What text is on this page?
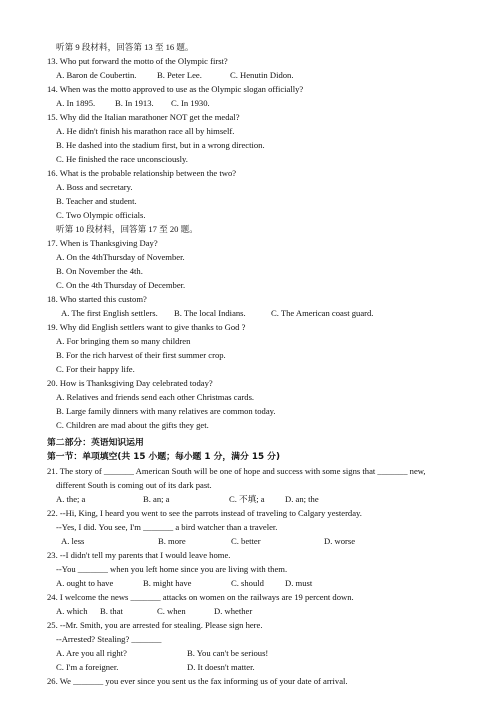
听第 9 段材料，回答第 13 至 16 题。
13. Who put forward the motto of the Olympic first?
A. Baron de Coubertin. B. Peter Lee.	C. Henutin Didon.
14. When was the motto approved to use as the Olympic slogan officially?
A. In 1895. B. In 1913. C. In 1930.
15. Why did the Italian marathoner NOT get the medal?
A. He didn't finish his marathon race all by himself.
B. He dashed into the stadium first, but in a wrong direction.
C. He finished the race unconsciously.
16. What is the probable relationship between the two?
A. Boss and secretary.
B. Teacher and student.
C. Two Olympic officials.
听第 10 段材料，回答第 17 至 20 题。
17. When is Thanksgiving Day?
A. On the 4thThursday of November.
B. On November the 4th.
C. On the 4th Thursday of December.
18. Who started this custom?
A. The first English settlers. B. The local Indians.	C. The American coast guard.
19. Why did English settlers want to give thanks to God ?
A. For bringing them so many children
B. For the rich harvest of their first summer crop.
C. For their happy life.
20. How is Thanksgiving Day celebrated today?
A. Relatives and friends send each other Christmas cards.
B. Large family dinners with many relatives are common today.
C. Children are mad about the gifts they get.
第二部分：英语知识运用
第一节：单项填空(共 15 小题；每小题 1 分，满分 15 分)
21. The story of _______ American South will be one of hope and success with some signs that _______ new,
different South is coming out of its dark past.
A. the; a	B. an; a	C. 不填; a D. an; the
22. --Hi, King, I heard you went to see the parrots instead of traveling to Calgary yesterday.
--Yes, I did. You see, I'm _______ a bird watcher than a traveler.
A. less	B. more	C. better	D. worse
23. --I didn't tell my parents that I would leave home.
--You _______ when you left home since you are living with them.
A. ought to have	B. might have	C. should D. must
24. I welcome the news _______ attacks on women on the railways are 19 percent down.
A. which B. that	C. when	D. whether
25. --Mr. Smith, you are arrested for stealing. Please sign here.
--Arrested? Stealing? _______
A. Are you all right?	B. You can't be serious!
C. I'm a foreigner.	D. It doesn't matter.
26. We _______ you ever since you sent us the fax informing us of your date of arrival.
